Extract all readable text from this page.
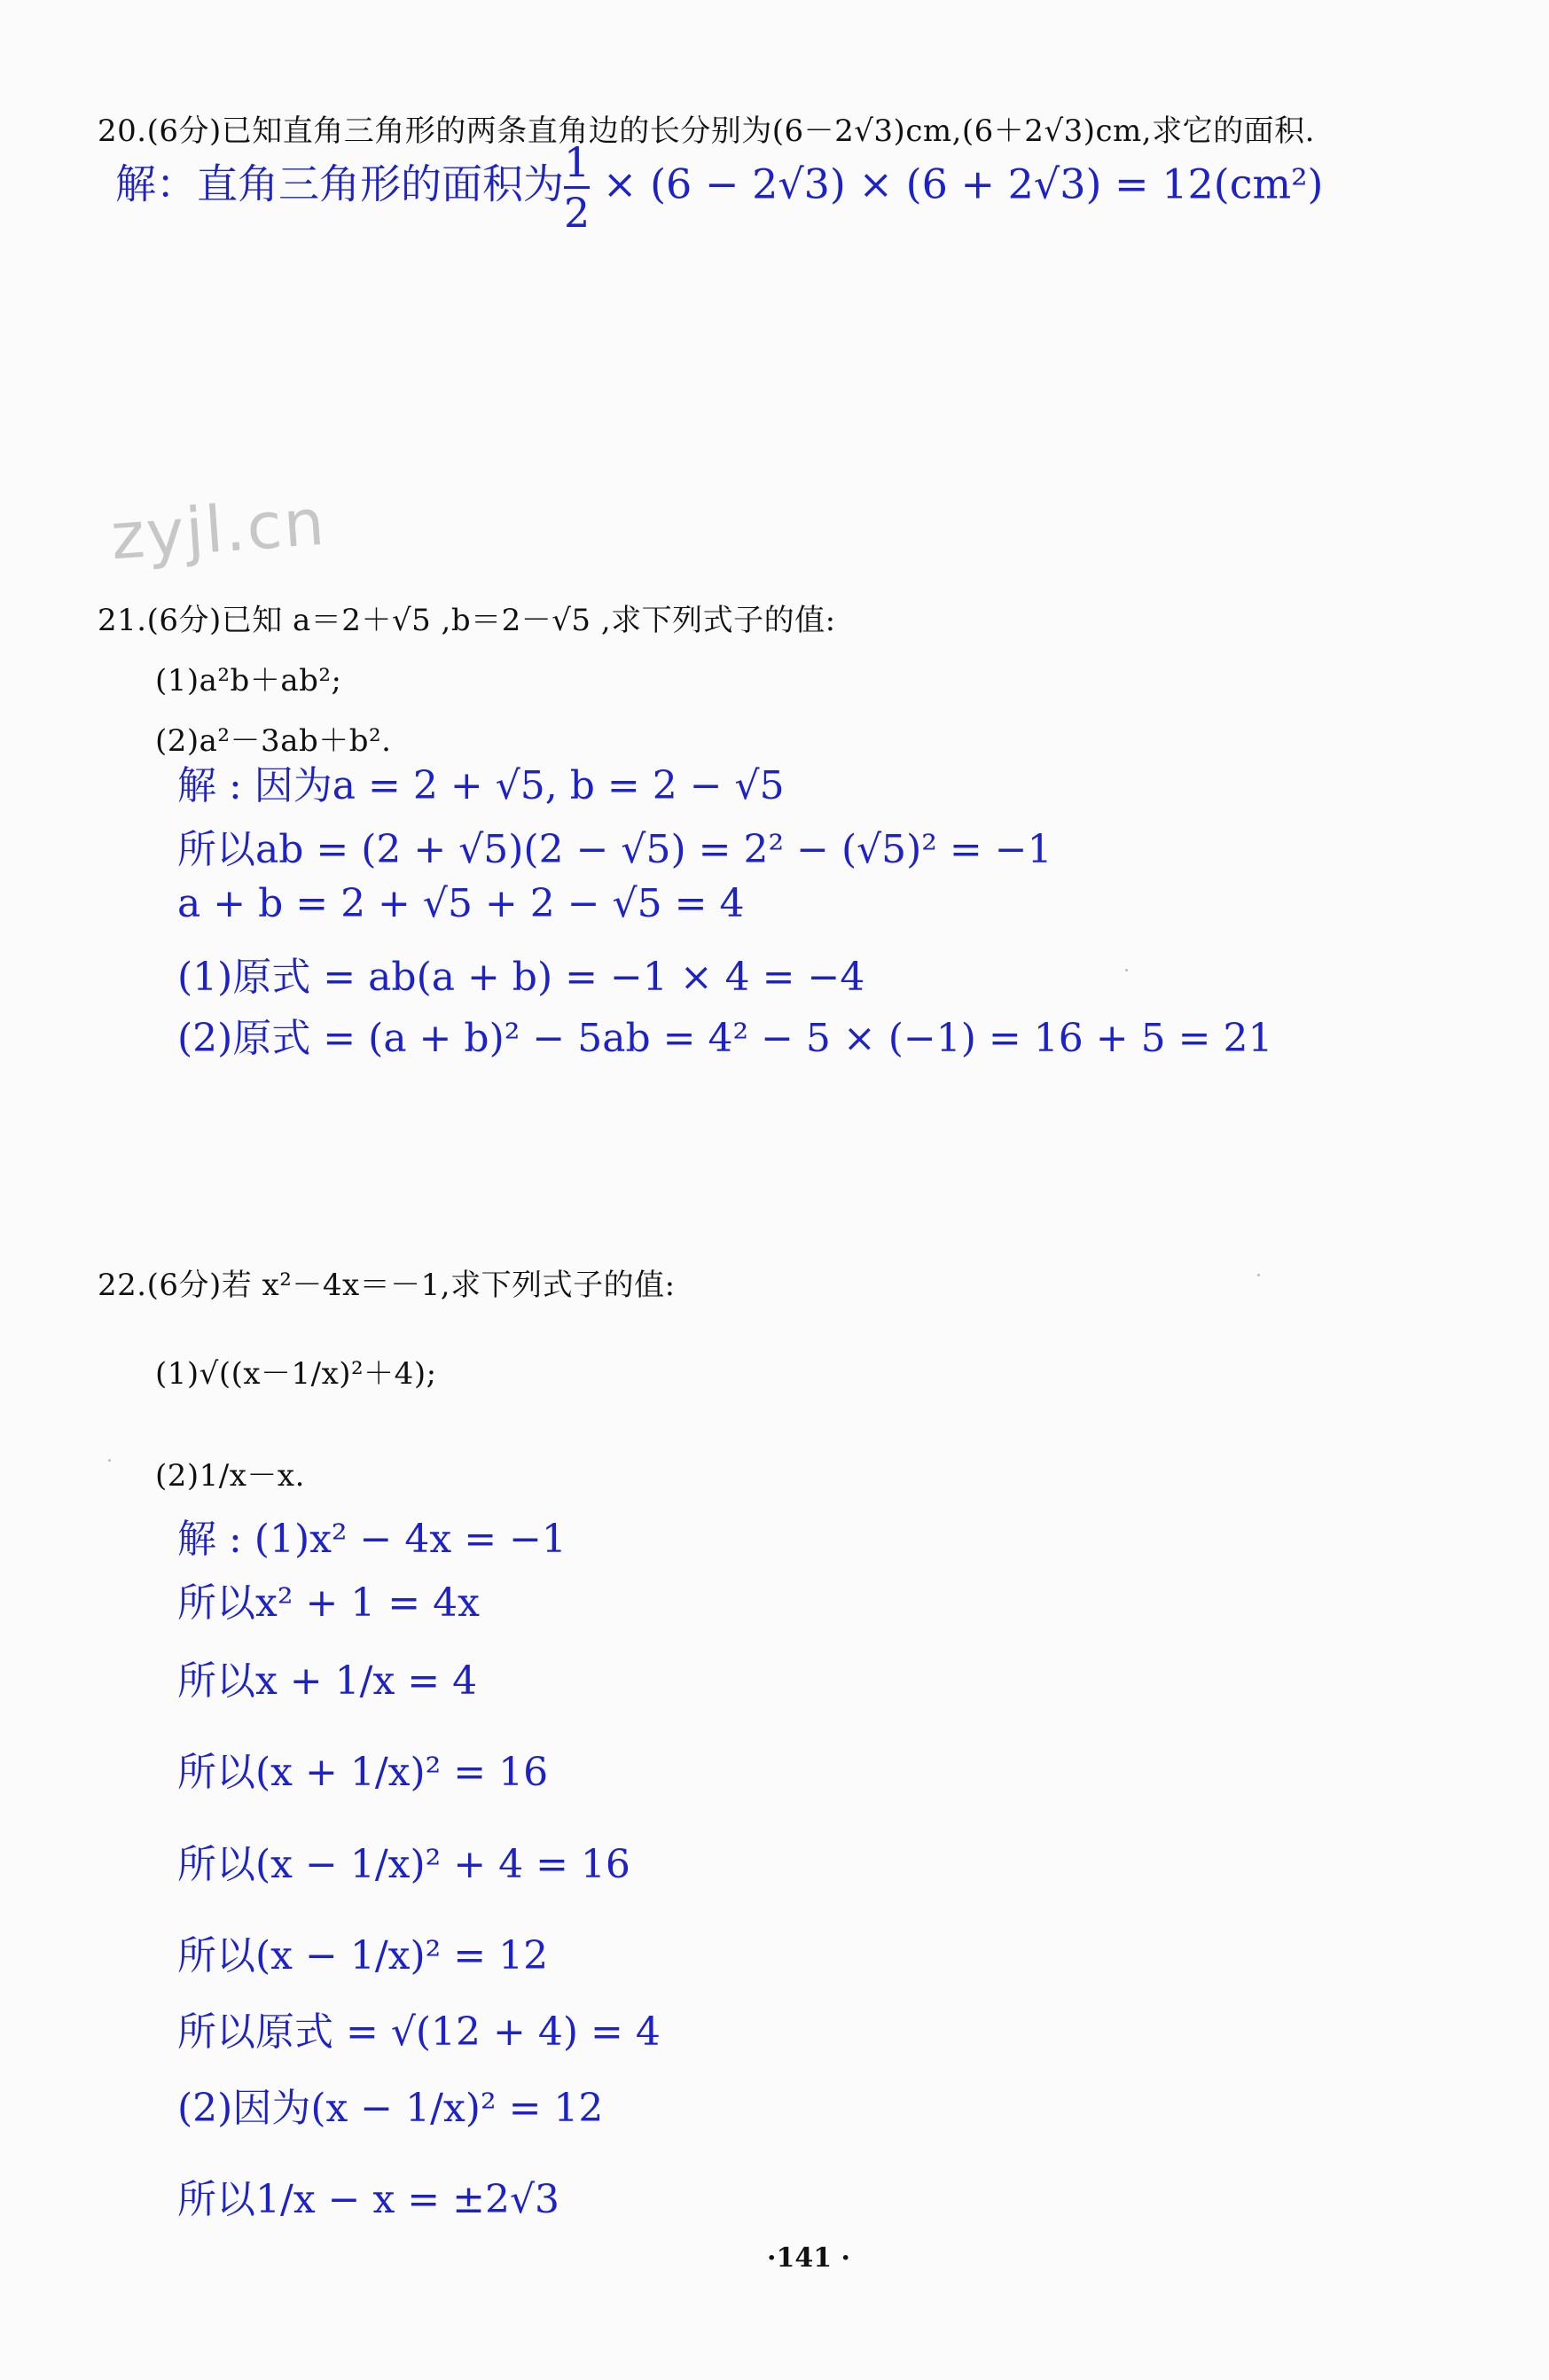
20.(6分)已知直角三角形的两条直角边的长分别为(6－2√3)cm,(6＋2√3)cm,求它的面积.
解：直角三角形的面积为 $\frac{1}{2} \times (6 - 2√3) \times (6 + 2√3) = 12(cm^2)$
zyjl.cn
21.(6分)已知 a＝2＋√5 ,b＝2－√5 ,求下列式子的值:
(1)a²b＋ab²;
(2)a²－3ab＋b².
解 : 因为a = 2 + √5, b = 2 − √5
所以ab = (2 + √5)(2 − √5) = 2² − (√5)² = −1
a + b = 2 + √5 + 2 − √5 = 4
(1)原式 = ab(a + b) = −1 × 4 = −4
(2)原式 = (a + b)² − 5ab = 4² − 5 × (−1) = 16 + 5 = 21
22.(6分)若 x²－4x＝－1,求下列式子的值:
(1)√((x－1/x)²＋4);
(2)1/x－x.
解 : (1)x² − 4x = −1
所以x² + 1 = 4x
所以x + 1/x = 4
所以(x + 1/x)² = 16
所以(x − 1/x)² + 4 = 16
所以(x − 1/x)² = 12
所以原式 = √(12 + 4) = 4
(2)因为(x − 1/x)² = 12
所以1/x − x = ±2√3
·141 ·
